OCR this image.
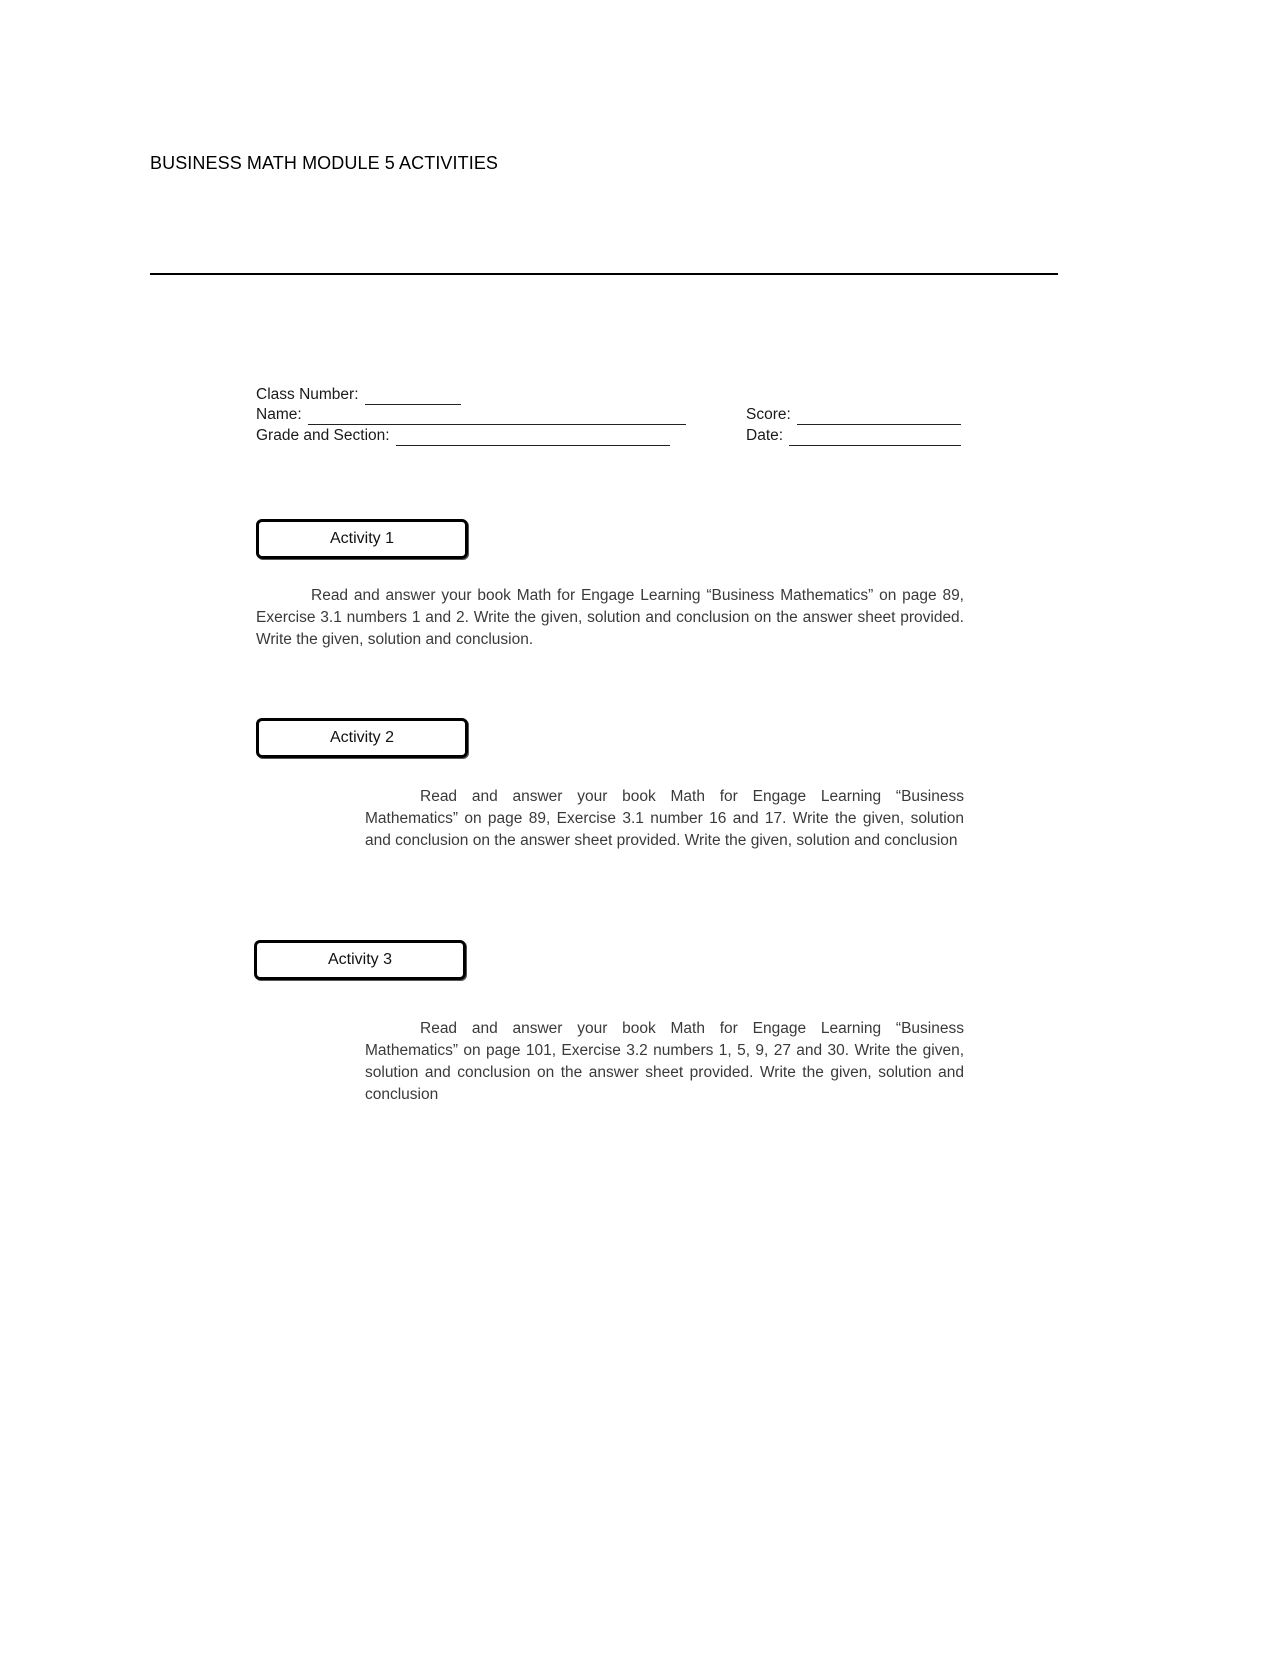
BUSINESS MATH MODULE 5 ACTIVITIES
Class Number:
Name:
Grade and Section:
Score:
Date:
Activity 1

Read and answer your book Math for Engage Learning “Business Mathematics” on page 89, Exercise 3.1 numbers 1 and 2. Write the given, solution and conclusion on the answer sheet provided. Write the given, solution and conclusion.

Activity 2

Read and answer your book Math for Engage Learning “Business Mathematics” on page 89, Exercise 3.1 number 16 and 17. Write the given, solution and conclusion on the answer sheet provided. Write the given, solution and conclusion

Activity 3

Read and answer your book Math for Engage Learning “Business Mathematics” on page 101, Exercise 3.2 numbers 1, 5, 9, 27 and 30. Write the given, solution and conclusion on the answer sheet provided. Write the given, solution and conclusion
